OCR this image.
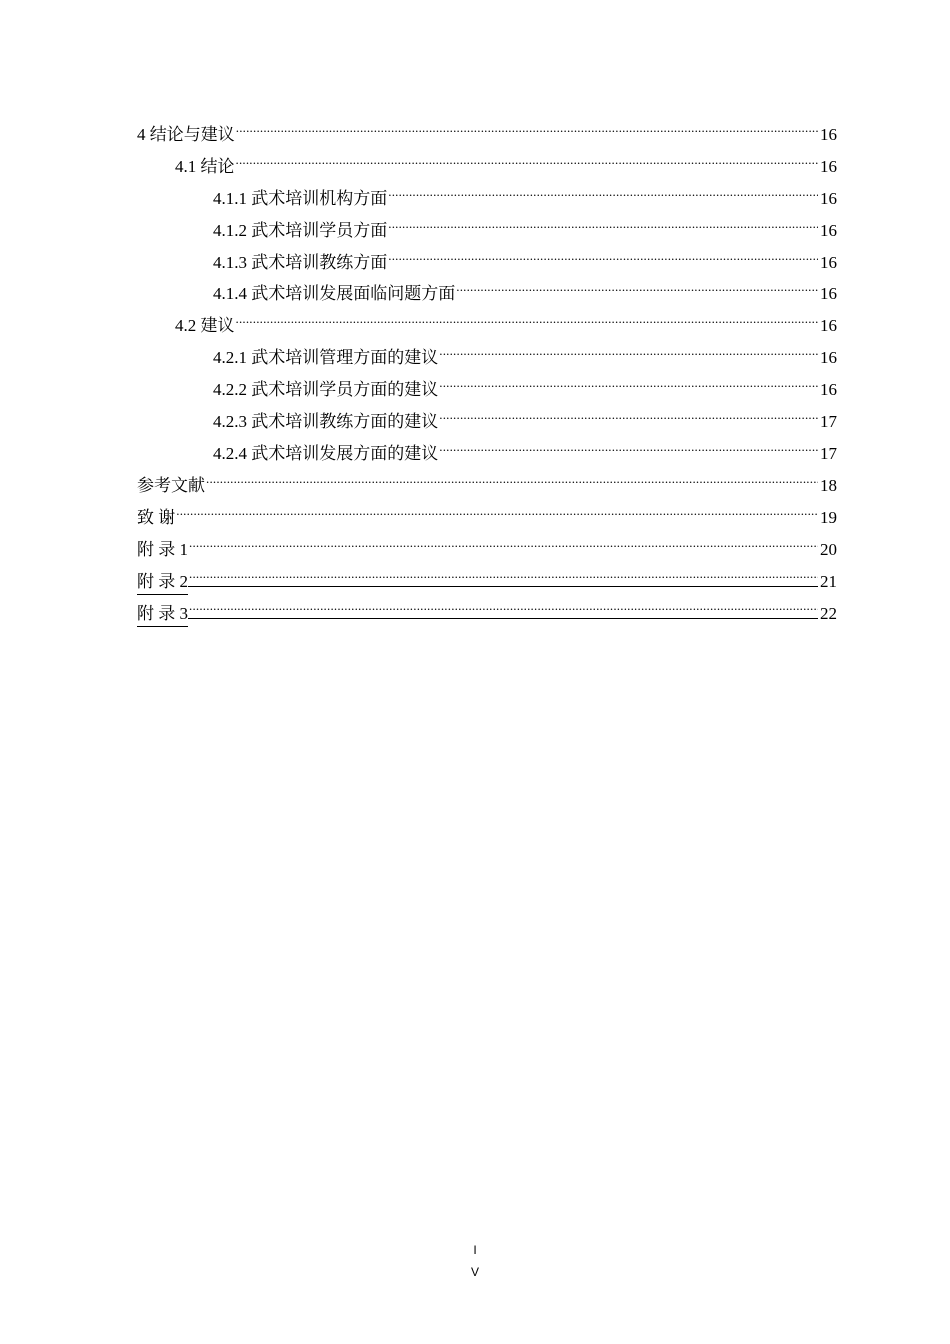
4 结论与建议 .....	16
4.1 结论 .....	16
4.1.1 武术培训机构方面 .....	16
4.1.2 武术培训学员方面 .....	16
4.1.3 武术培训教练方面 .....	16
4.1.4 武术培训发展面临问题方面 .....	16
4.2 建议 .....	16
4.2.1 武术培训管理方面的建议 .....	16
4.2.2 武术培训学员方面的建议 .....	16
4.2.3 武术培训教练方面的建议 .....	17
4.2.4 武术培训发展方面的建议 .....	17
参考文献 .....	18
致 谢 .....	19
附 录 1 .....	20
附 录 2 .....	21
附 录 3 .....	22
I
V
